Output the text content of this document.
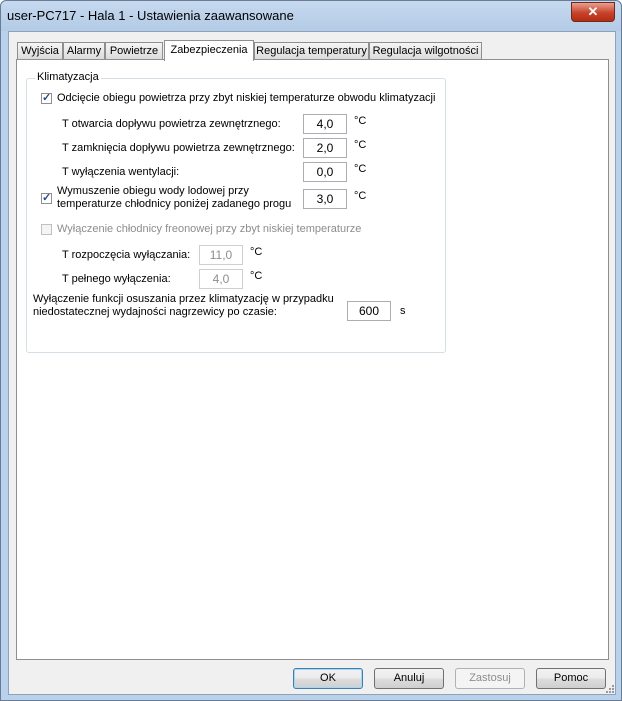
user-PC717 - Hala 1 - Ustawienia zaawansowane	✕
Wyjścia Alarmy Powietrze	Zabezpieczenia Regulacja temperatury Regulacja wilgotności
Klimatyzacja
✓
Odcięcie obiegu powietrza przy zbyt niskiej temperaturze obwodu klimatyzacji
T otwarcia dopływu powietrza zewnętrznego:
4,0	°C
T zamknięcia dopływu powietrza zewnętrznego:
2,0	°C
T wyłączenia wentylacji:
0,0	°C
✓
Wymuszenie obiegu wody lodowej przy
temperaturze chłodnicy poniżej zadanego progu
3,0
°C
Wyłączenie chłodnicy freonowej przy zbyt niskiej temperaturze
T rozpoczęcia wyłączania:
11,0	°C
T pełnego wyłączenia:
4,0	°C
Wyłączenie funkcji osuszania przez klimatyzację w przypadku
niedostatecznej wydajności nagrzewicy po czasie:
600	s
OK	Anuluj	Zastosuj	Pomoc
